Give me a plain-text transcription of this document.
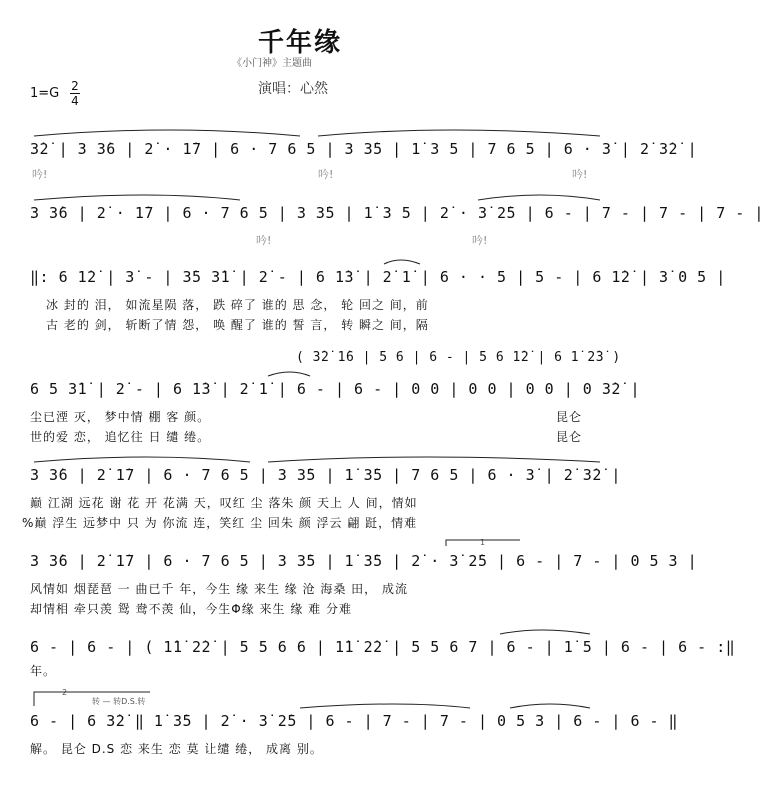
千年缘
《小门神》主题曲
演唱：心然
1=G 2
4
3̇2̇ | 3 3̇6 | 2̇ · 1̇7 | 6 · 7 6 5 | 3 3̇5 | 1̇ 3 5 | 7 6 5 | 6 · 3̇ | 2̇ 3̇2̇ |
吟!	吟!	吟!
3 3̇6 | 2̇ · 1̇7 | 6 · 7 6 5 | 3 3̇5 | 1̇ 3 5 | 2̇ · 3̇ 2̇5 | 6 - | 7 - | 7 - | 7 - |
吟!	吟!
‖: 6 1̇2̇ | 3̇ - | 3̇5 3̇1̇ | 2̇ - | 6 1̇3̇ | 2̇ 1̇ | 6 · · 5 | 5 - | 6 1̇2̇ | 3̇ 0 5 |
冰 封的 泪， 如流星陨 落， 跌 碎了 谁的 思 念， 轮 回之 间，前
古 老的 剑， 斩断了情 怨， 唤 醒了 谁的 誓 言， 转 瞬之 间，隔
( 3̇2̇ 1̇6 | 5 6 | 6 - | 5 6 1̇2̇ | 6 1̇ 2̇3̇ )
6 5 3̇1̇ | 2̇ - | 6 1̇3̇ | 2̇ 1̇ | 6 - | 6 - | 0 0 | 0 0 | 0 0 | 0 3̇2̇ |
尘已湮 灭， 梦中情 棚 客 颜。
世的爱 恋， 追忆往 日 缱 绻。
昆仑
昆仑
3 3̇6 | 2̇ 1̇7 | 6 · 7 6 5 | 3 3̇5 | 1̇ 3̇5 | 7 6 5 | 6 · 3̇ | 2̇ 3̇2̇ |
巅 江湖 远花 谢 花 开 花满 天，叹红 尘 落朱 颜 天上 人 间，情如
%巅 浮生 远梦中 只 为 你流 连，笑红 尘 回朱 颜 浮云 翩 跹，情难
1
3 3̇6 | 2̇ 1̇7 | 6 · 7 6 5 | 3 3̇5 | 1̇ 3̇5 | 2̇ · 3̇ 2̇5 | 6 - | 7 - | 0 5 3 |
风情如 烟琵琶 一 曲已千 年，今生 缘 来生 缘 沧 海桑 田， 成流
却情相 牵只羡 鸳 鸯不羡 仙，今生Φ缘 来生 缘 难 分难
6 - | 6 - | ( 1̇1̇ 2̇2̇ | 5 5 6 6 | 1̇1̇ 2̇2̇ | 5 5 6 7 | 6 - | 1̇ 5 | 6 - | 6 - :‖
年。
2
转 — 转D.S.转
6 - | 6 3̇2̇ ‖ 1̇ 3̇5 | 2̇ · 3̇ 2̇5 | 6 - | 7 - | 7 - | 0 5 3 | 6 - | 6 - ‖
解。 昆仑 D.S 恋 来生 恋 莫 让缱 绻， 成离 别。
